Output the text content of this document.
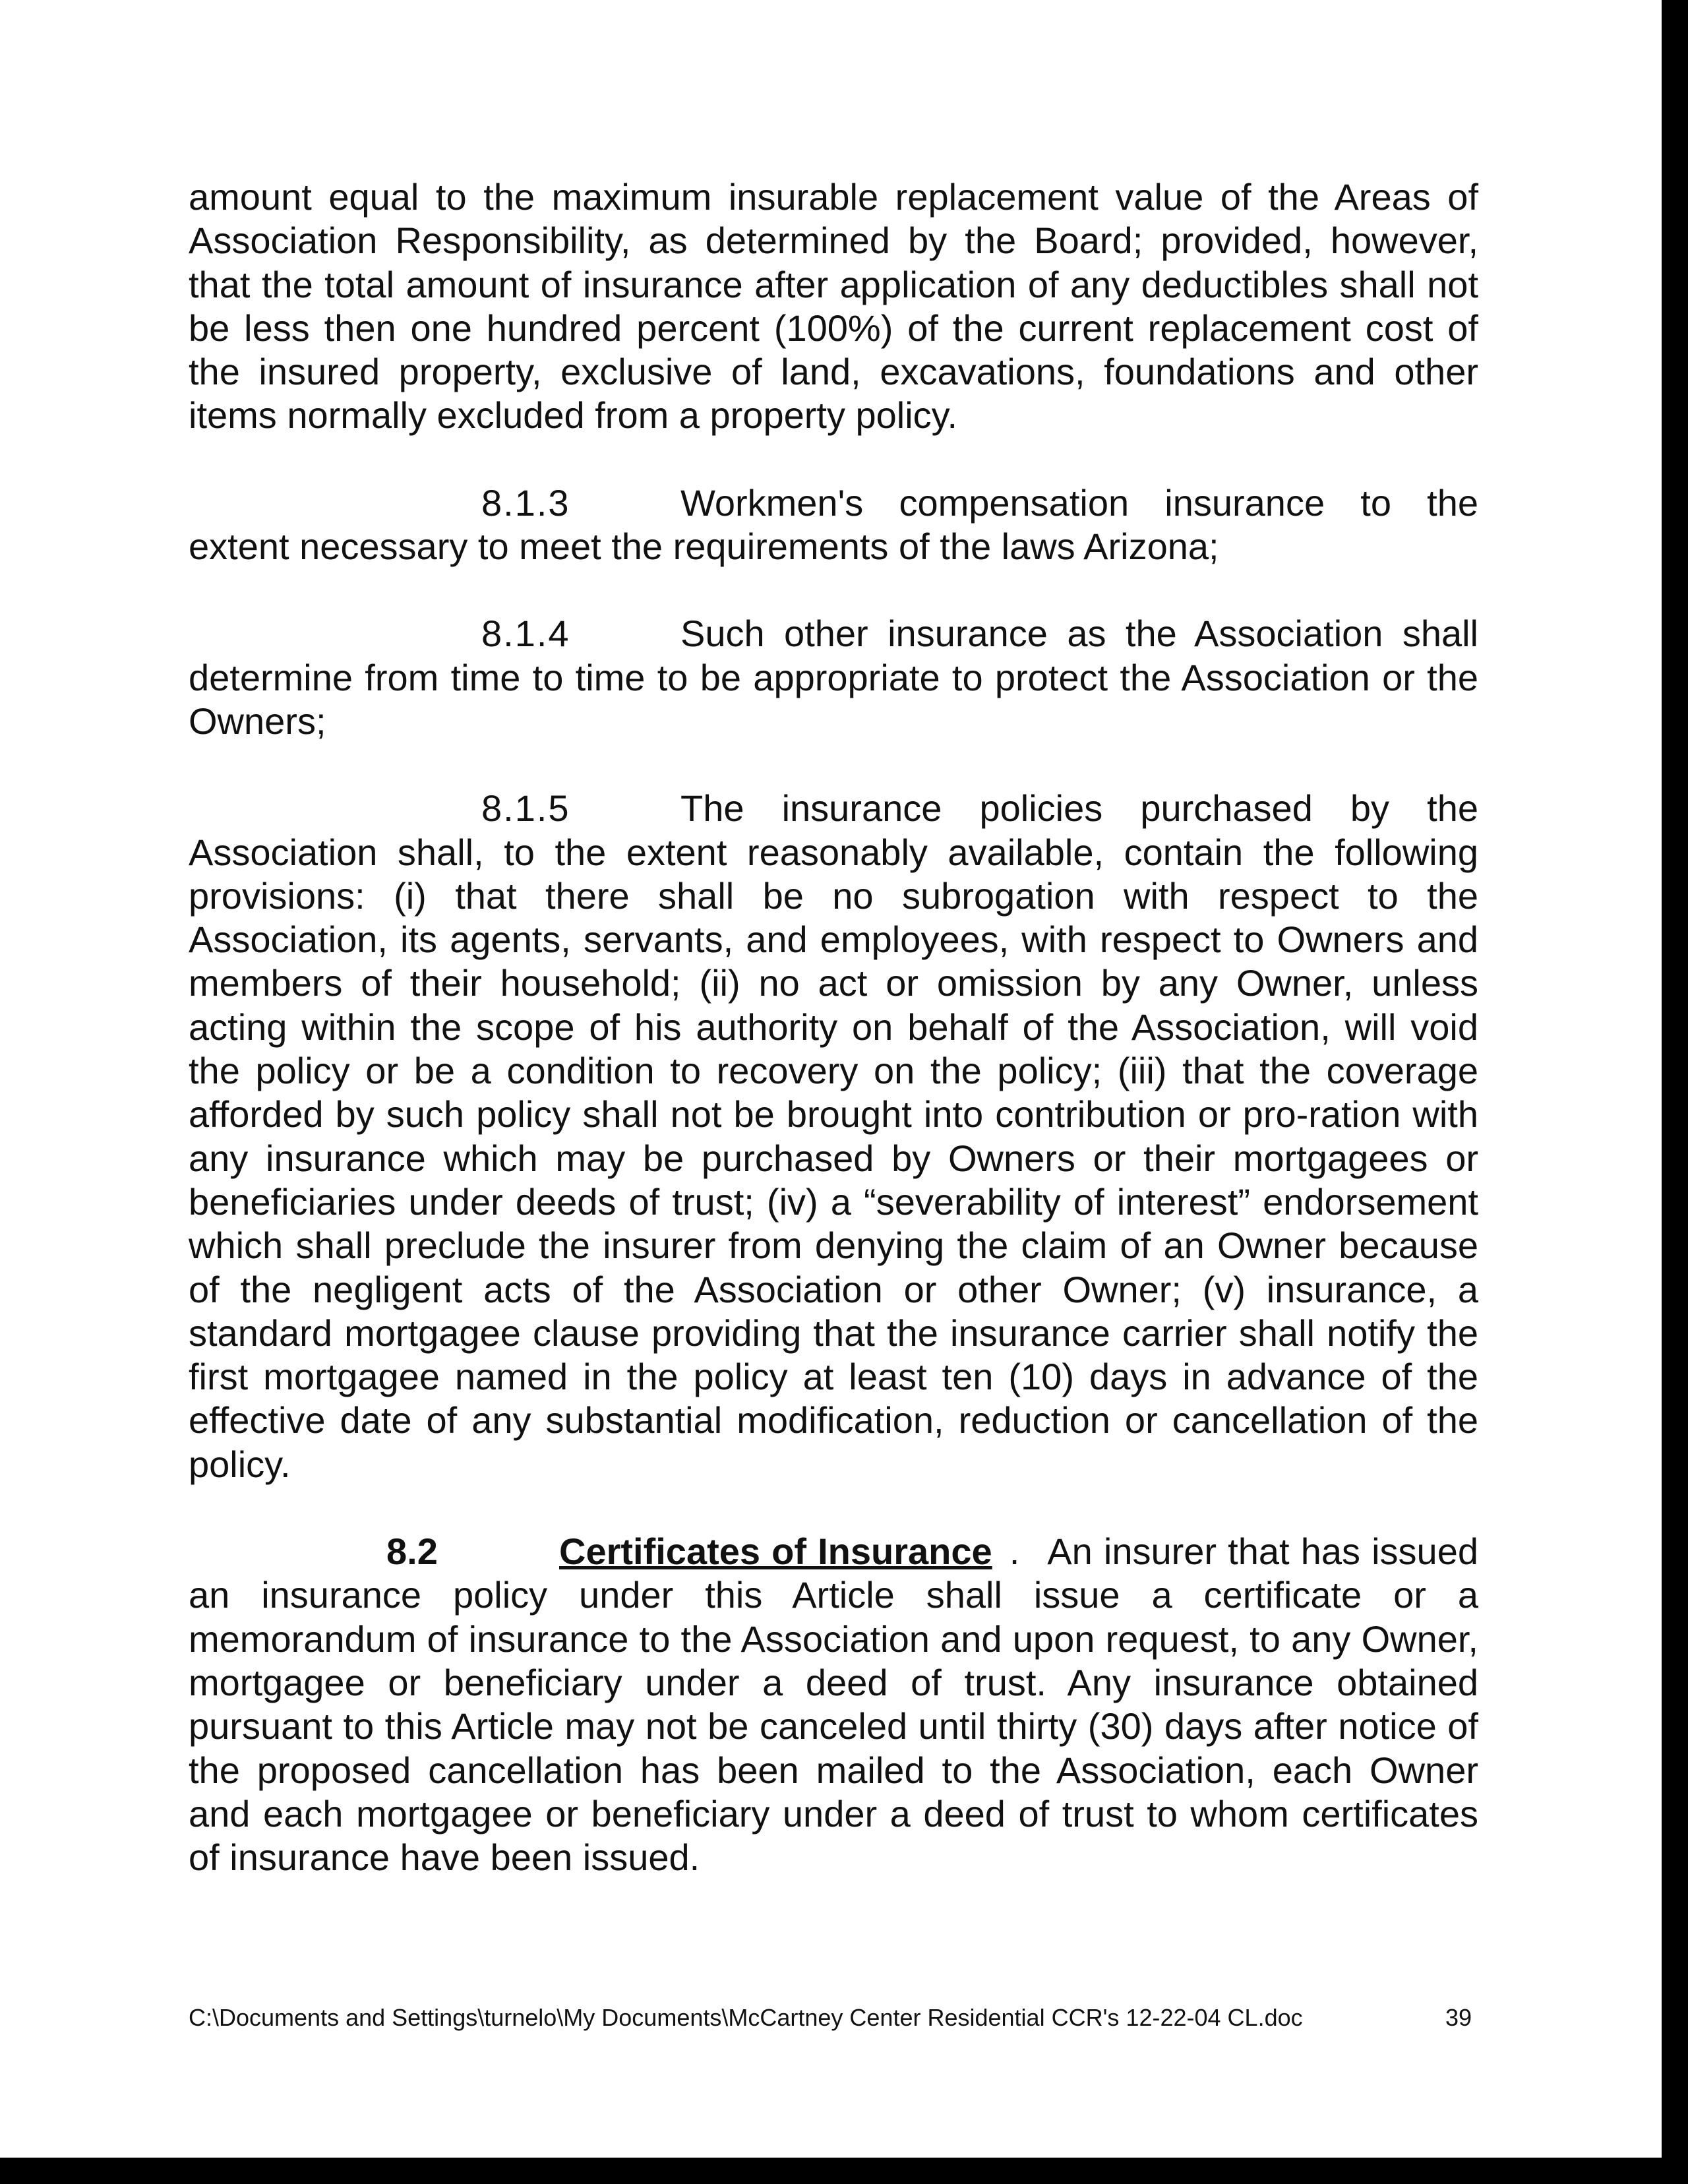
amount equal to the maximum insurable replacement value of the Areas of Association Responsibility, as determined by the Board; provided, however, that the total amount of insurance after application of any deductibles shall not be less then one hundred percent (100%) of the current replacement cost of the insured property, exclusive of land, excavations, foundations and other items normally excluded from a property policy.

8.1.3	Workmen's compensation insurance to the extent necessary to meet the requirements of the laws Arizona;

8.1.4	Such other insurance as the Association shall determine from time to time to be appropriate to protect the Association or the Owners;

8.1.5	The insurance policies purchased by the Association shall, to the extent reasonably available, contain the following provisions: (i) that there shall be no subrogation with respect to the Association, its agents, servants, and employees, with respect to Owners and members of their household; (ii) no act or omission by any Owner, unless acting within the scope of his authority on behalf of the Association, will void the policy or be a condition to recovery on the policy; (iii) that the coverage afforded by such policy shall not be brought into contribution or pro-ration with any insurance which may be purchased by Owners or their mortgagees or beneficiaries under deeds of trust; (iv) a “severability of interest” endorsement which shall preclude the insurer from denying the claim of an Owner because of the negligent acts of the Association or other Owner; (v) insurance, a standard mortgagee clause providing that the insurance carrier shall notify the first mortgagee named in the policy at least ten (10) days in advance of the effective date of any substantial modification, reduction or cancellation of the policy.

8.2	Certificates of Insurance . An insurer that has issued an insurance policy under this Article shall issue a certificate or a memorandum of insurance to the Association and upon request, to any Owner, mortgagee or beneficiary under a deed of trust. Any insurance obtained pursuant to this Article may not be canceled until thirty (30) days after notice of the proposed cancellation has been mailed to the Association, each Owner and each mortgagee or beneficiary under a deed of trust to whom certificates of insurance have been issued.

C:\Documents and Settings\turnelo\My Documents\McCartney Center Residential CCR's 12-22-04 CL.doc	39
